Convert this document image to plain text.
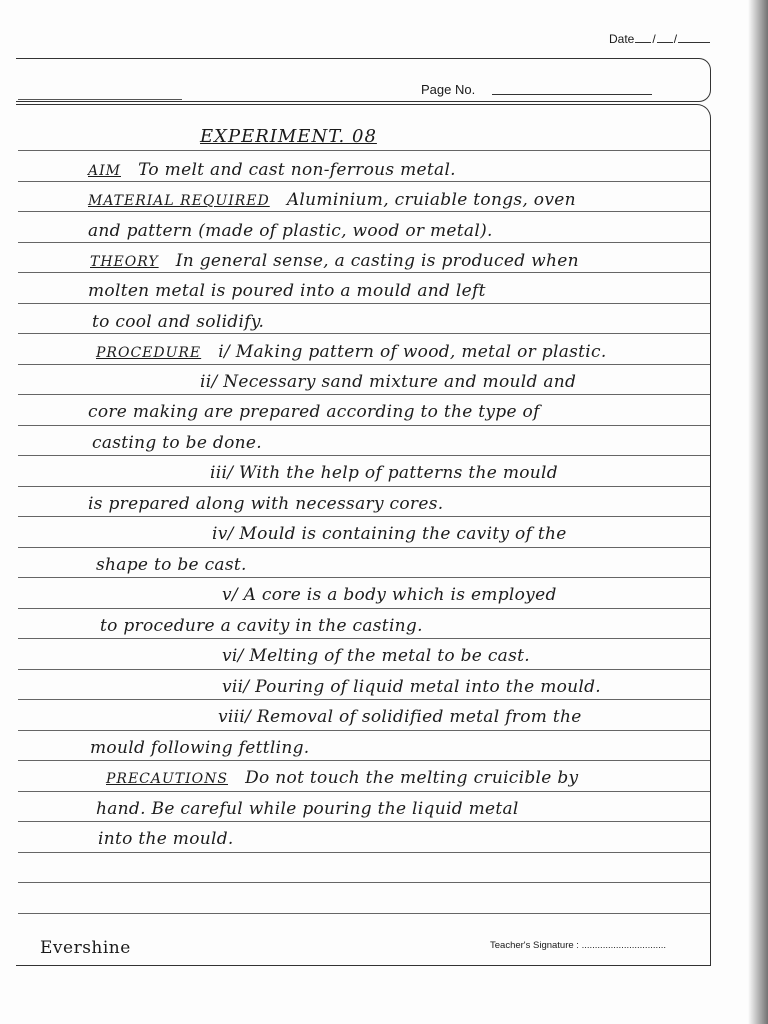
Date / /
Page No.
EXPERIMENT. 08
AIM To melt and cast non-ferrous metal.
MATERIAL REQUIRED Aluminium, cruiable tongs, oven
and pattern (made of plastic, wood or metal).
THEORY In general sense, a casting is produced when
molten metal is poured into a mould and left
to cool and solidify.
PROCEDURE i/ Making pattern of wood, metal or plastic.
ii/ Necessary sand mixture and mould and
core making are prepared according to the type of
casting to be done.
iii/ With the help of patterns the mould
is prepared along with necessary cores.
iv/ Mould is containing the cavity of the
shape to be cast.
v/ A core is a body which is employed
to procedure a cavity in the casting.
vi/ Melting of the metal to be cast.
vii/ Pouring of liquid metal into the mould.
viii/ Removal of solidified metal from the
mould following fettling.
PRECAUTIONS Do not touch the melting cruicible by
hand. Be careful while pouring the liquid metal
into the mould.
Evershine	Teacher's Signature : ................................
